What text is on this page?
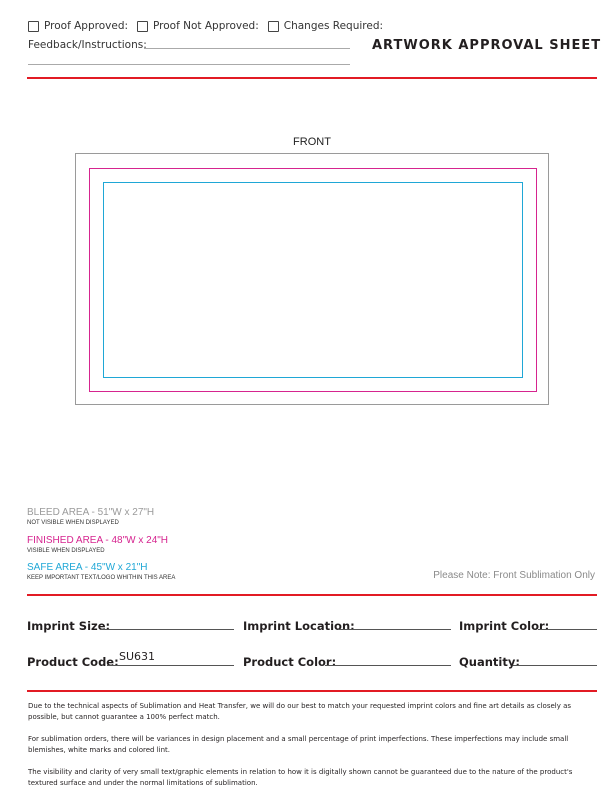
Proof Approved: Proof Not Approved: Changes Required:
Feedback/Instructions:	ARTWORK APPROVAL SHEET
FRONT
BLEED AREA - 51"W x 27"H
NOT VISIBLE WHEN DISPLAYED
FINISHED AREA - 48"W x 24"H
VISIBLE WHEN DISPLAYED
SAFE AREA - 45"W x 21"H
KEEP IMPORTANT TEXT/LOGO WHITHIN THIS AREA	Please Note: Front Sublimation Only
Imprint Size:	Imprint Location:	Imprint Color:
Product Code: SU631	Product Color:	Quantity:
Due to the technical aspects of Sublimation and Heat Transfer, we will do our best to match your requested imprint colors and fine art details as closely as possible, but cannot guarantee a 100% perfect match.
For sublimation orders, there will be variances in design placement and a small percentage of print imperfections. These imperfections may include small blemishes, white marks and colored lint.
The visibility and clarity of very small text/graphic elements in relation to how it is digitally shown cannot be guaranteed due to the nature of the product's textured surface and under the normal limitations of sublimation.
